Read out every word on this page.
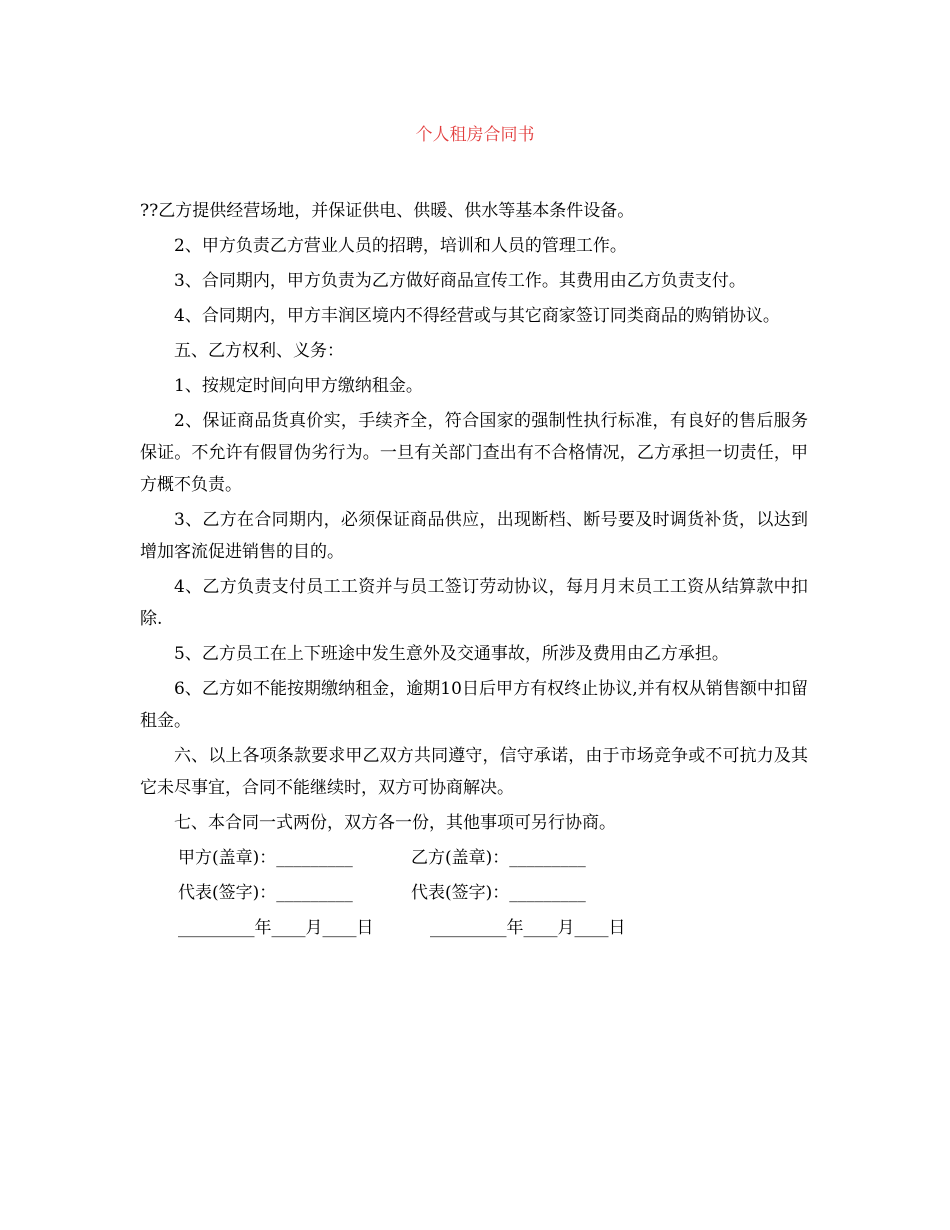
个人租房合同书

??乙方提供经营场地，并保证供电、供暖、供水等基本条件设备。

2、甲方负责乙方营业人员的招聘，培训和人员的管理工作。

3、合同期内，甲方负责为乙方做好商品宣传工作。其费用由乙方负责支付。

4、合同期内，甲方丰润区境内不得经营或与其它商家签订同类商品的购销协议。

五、乙方权利、义务：

1、按规定时间向甲方缴纳租金。

2、保证商品货真价实，手续齐全，符合国家的强制性执行标准，有良好的售后服务保证。不允许有假冒伪劣行为。一旦有关部门查出有不合格情况，乙方承担一切责任，甲方概不负责。

3、乙方在合同期内，必须保证商品供应，出现断档、断号要及时调货补货，以达到增加客流促进销售的目的。

4、乙方负责支付员工工资并与员工签订劳动协议，每月月末员工工资从结算款中扣除.

5、乙方员工在上下班途中发生意外及交通事故，所涉及费用由乙方承担。

6、乙方如不能按期缴纳租金，逾期10日后甲方有权终止协议,并有权从销售额中扣留租金。

六、以上各项条款要求甲乙双方共同遵守，信守承诺，由于市场竞争或不可抗力及其它未尽事宜，合同不能继续时，双方可协商解决。

七、本合同一式两份，双方各一份，其他事项可另行协商。

甲方(盖章)：_________	乙方(盖章)：_________
代表(签字)：_________	代表(签字)：_________
_________年____月____日	_________年____月____日
